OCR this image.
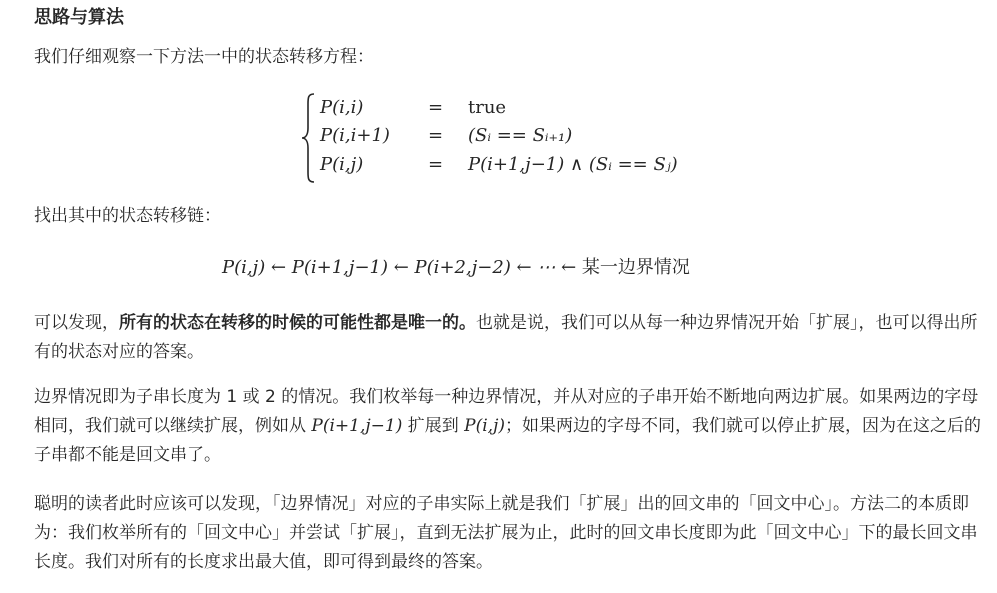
思路与算法
我们仔细观察一下方法一中的状态转移方程：
P(i,i)	= true
P(i,i+1) = (Sᵢ == Sᵢ₊₁)
P(i,j)	= P(i+1,j−1) ∧ (Sᵢ == Sⱼ)
找出其中的状态转移链：
P(i,j) ← P(i+1,j−1) ← P(i+2,j−2) ← ⋯ ← 某一边界情况
可以发现，所有的状态在转移的时候的可能性都是唯一的。也就是说，我们可以从每一种边界情况开始「扩展」，也可以得出所有的状态对应的答案。
边界情况即为子串长度为 1 或 2 的情况。我们枚举每一种边界情况，并从对应的子串开始不断地向两边扩展。如果两边的字母相同，我们就可以继续扩展，例如从 P(i+1,j−1) 扩展到 P(i,j)；如果两边的字母不同，我们就可以停止扩展，因为在这之后的子串都不能是回文串了。
聪明的读者此时应该可以发现，「边界情况」对应的子串实际上就是我们「扩展」出的回文串的「回文中心」。方法二的本质即为：我们枚举所有的「回文中心」并尝试「扩展」，直到无法扩展为止，此时的回文串长度即为此「回文中心」下的最长回文串长度。我们对所有的长度求出最大值，即可得到最终的答案。
